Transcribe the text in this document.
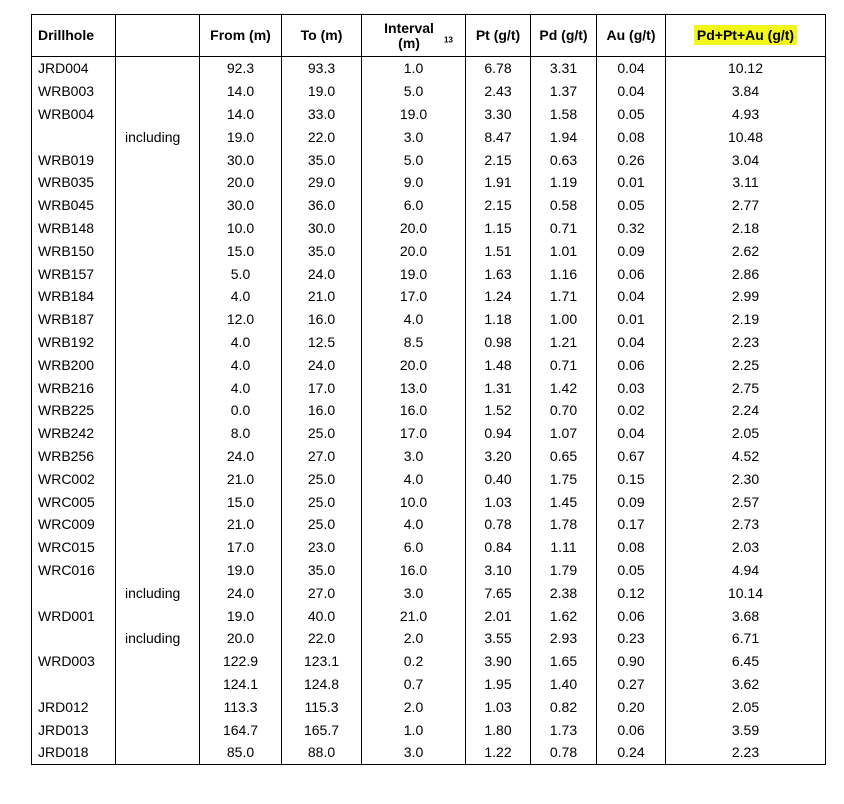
Drillhole		From (m)	To (m)	Interval (m) $^{13}$	Pt (g/t)	Pd (g/t)	Au (g/t)	Pd+Pt+Au (g/t)
JRD004		92.3	93.3	1.0	6.78	3.31	0.04	10.12
WRB003		14.0	19.0	5.0	2.43	1.37	0.04	3.84
WRB004		14.0	33.0	19.0	3.30	1.58	0.05	4.93
	including	19.0	22.0	3.0	8.47	1.94	0.08	10.48
WRB019		30.0	35.0	5.0	2.15	0.63	0.26	3.04
WRB035		20.0	29.0	9.0	1.91	1.19	0.01	3.11
WRB045		30.0	36.0	6.0	2.15	0.58	0.05	2.77
WRB148		10.0	30.0	20.0	1.15	0.71	0.32	2.18
WRB150		15.0	35.0	20.0	1.51	1.01	0.09	2.62
WRB157		5.0	24.0	19.0	1.63	1.16	0.06	2.86
WRB184		4.0	21.0	17.0	1.24	1.71	0.04	2.99
WRB187		12.0	16.0	4.0	1.18	1.00	0.01	2.19
WRB192		4.0	12.5	8.5	0.98	1.21	0.04	2.23
WRB200		4.0	24.0	20.0	1.48	0.71	0.06	2.25
WRB216		4.0	17.0	13.0	1.31	1.42	0.03	2.75
WRB225		0.0	16.0	16.0	1.52	0.70	0.02	2.24
WRB242		8.0	25.0	17.0	0.94	1.07	0.04	2.05
WRB256		24.0	27.0	3.0	3.20	0.65	0.67	4.52
WRC002		21.0	25.0	4.0	0.40	1.75	0.15	2.30
WRC005		15.0	25.0	10.0	1.03	1.45	0.09	2.57
WRC009		21.0	25.0	4.0	0.78	1.78	0.17	2.73
WRC015		17.0	23.0	6.0	0.84	1.11	0.08	2.03
WRC016		19.0	35.0	16.0	3.10	1.79	0.05	4.94
	including	24.0	27.0	3.0	7.65	2.38	0.12	10.14
WRD001		19.0	40.0	21.0	2.01	1.62	0.06	3.68
	including	20.0	22.0	2.0	3.55	2.93	0.23	6.71
WRD003		122.9	123.1	0.2	3.90	1.65	0.90	6.45
		124.1	124.8	0.7	1.95	1.40	0.27	3.62
JRD012		113.3	115.3	2.0	1.03	0.82	0.20	2.05
JRD013		164.7	165.7	1.0	1.80	1.73	0.06	3.59
JRD018		85.0	88.0	3.0	1.22	0.78	0.24	2.23
